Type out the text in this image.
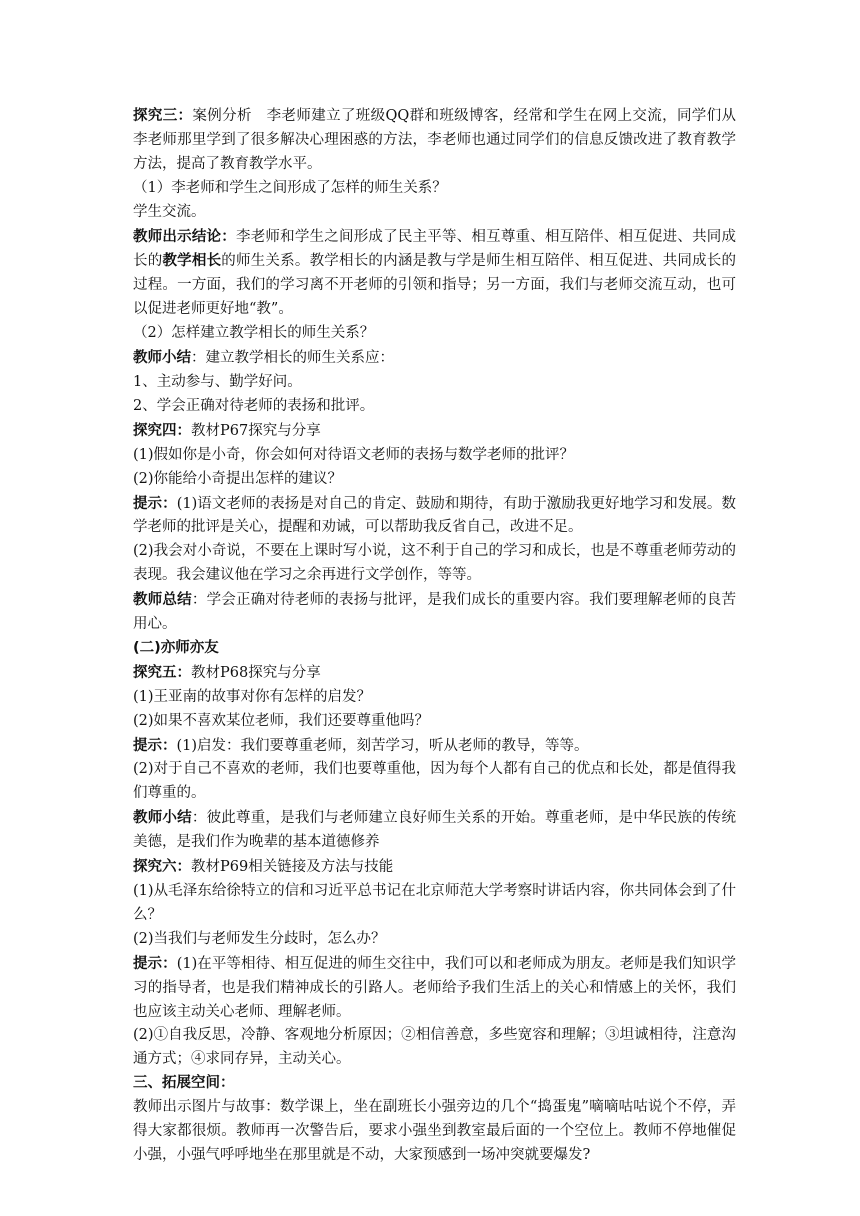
探究三：案例分析　李老师建立了班级QQ群和班级博客，经常和学生在网上交流，同学们从李老师那里学到了很多解决心理困惑的方法，李老师也通过同学们的信息反馈改进了教育教学方法，提高了教育教学水平。

（1）李老师和学生之间形成了怎样的师生关系？

学生交流。

教师出示结论：李老师和学生之间形成了民主平等、相互尊重、相互陪伴、相互促进、共同成长的教学相长的师生关系。教学相长的内涵是教与学是师生相互陪伴、相互促进、共同成长的过程。一方面，我们的学习离不开老师的引领和指导；另一方面，我们与老师交流互动，也可以促进老师更好地“教”。

（2）怎样建立教学相长的师生关系？

教师小结：建立教学相长的师生关系应：

1、主动参与、勤学好问。

2、学会正确对待老师的表扬和批评。

探究四：教材P67探究与分享

(1)假如你是小奇，你会如何对待语文老师的表扬与数学老师的批评？

(2)你能给小奇提出怎样的建议？

提示：(1)语文老师的表扬是对自己的肯定、鼓励和期待，有助于激励我更好地学习和发展。数学老师的批评是关心，提醒和劝诫，可以帮助我反省自己，改进不足。

(2)我会对小奇说，不要在上课时写小说，这不利于自己的学习和成长，也是不尊重老师劳动的表现。我会建议他在学习之余再进行文学创作，等等。

教师总结：学会正确对待老师的表扬与批评，是我们成长的重要内容。我们要理解老师的良苦用心。

(二)亦师亦友

探究五：教材P68探究与分享

(1)王亚南的故事对你有怎样的启发？

(2)如果不喜欢某位老师，我们还要尊重他吗？

提示：(1)启发：我们要尊重老师，刻苦学习，听从老师的教导，等等。

(2)对于自己不喜欢的老师，我们也要尊重他，因为每个人都有自己的优点和长处，都是值得我们尊重的。

教师小结：彼此尊重，是我们与老师建立良好师生关系的开始。尊重老师，是中华民族的传统美德，是我们作为晚辈的基本道德修养

探究六：教材P69相关链接及方法与技能

(1)从毛泽东给徐特立的信和习近平总书记在北京师范大学考察时讲话内容，你共同体会到了什么？

(2)当我们与老师发生分歧时，怎么办？

提示：(1)在平等相待、相互促进的师生交往中，我们可以和老师成为朋友。老师是我们知识学习的指导者，也是我们精神成长的引路人。老师给予我们生活上的关心和情感上的关怀，我们也应该主动关心老师、理解老师。

(2)①自我反思，冷静、客观地分析原因；②相信善意，多些宽容和理解；③坦诚相待，注意沟通方式；④求同存异，主动关心。

三、拓展空间：

教师出示图片与故事：数学课上，坐在副班长小强旁边的几个“捣蛋鬼”嘀嘀咕咕说个不停，弄得大家都很烦。教师再一次警告后，要求小强坐到教室最后面的一个空位上。教师不停地催促小强，小强气呼呼地坐在那里就是不动，大家预感到一场冲突就要爆发?
